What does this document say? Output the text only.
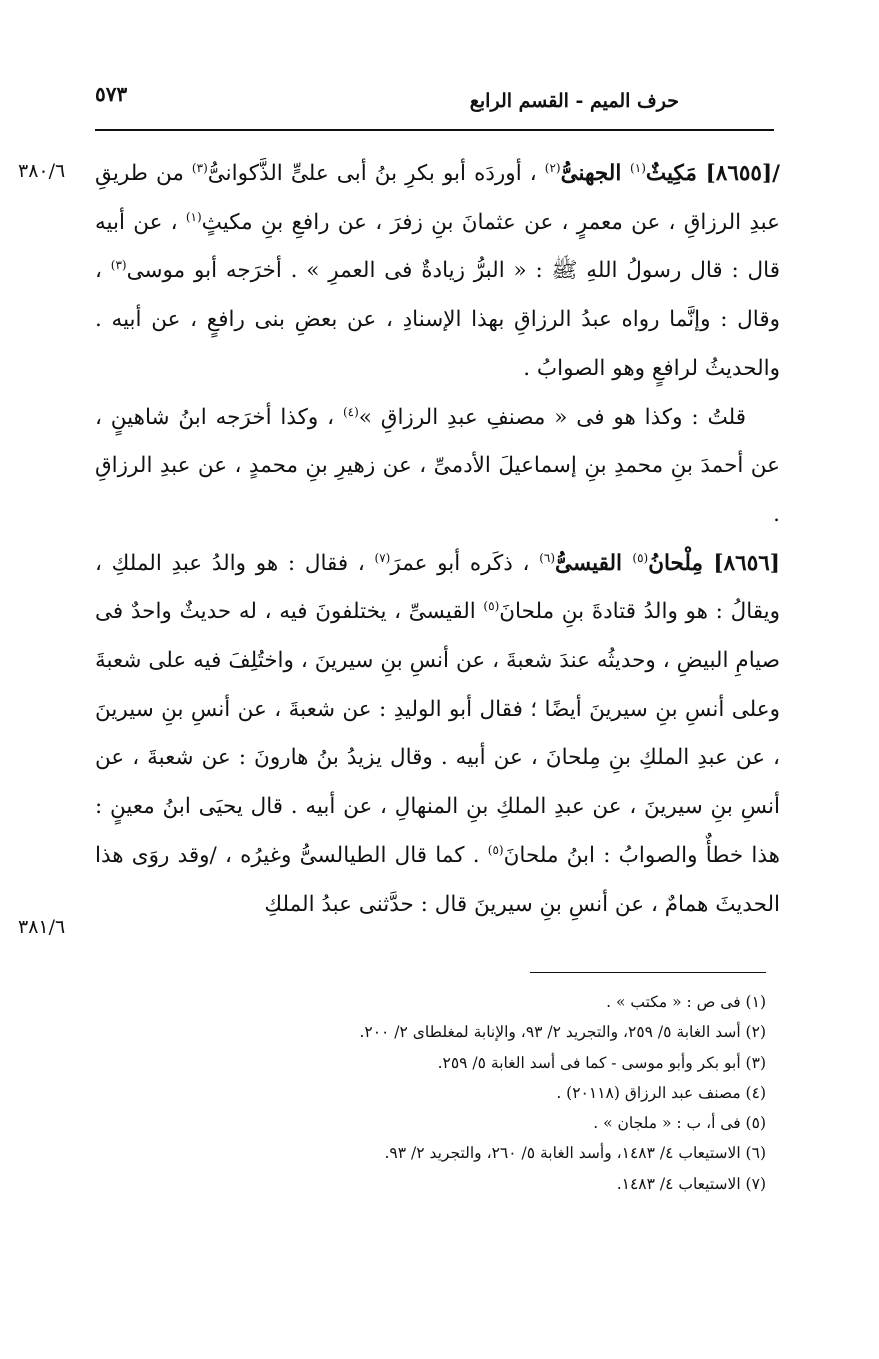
حرف الميم - القسم الرابع
٥٧٣
٣٨٠/٦
٣٨١/٦

/[٨٦٥٥] مَكِيثٌ$^{(١)}$ الجهنىُّ$^{(٢)}$ ، أوردَه أبو بكرِ بنُ أبى علىٍّ الذَّكوانىُّ$^{(٣)}$ من طريقِ عبدِ الرزاقِ ، عن معمرٍ ، عن عثمانَ بنِ زفرَ ، عن رافعِ بنِ مكيثٍ$^{(١)}$ ، عن أبيه قال : قال رسولُ اللهِ ﷺ : « البرُّ زيادةٌ فى العمرِ » . أخرَجه أبو موسى$^{(٣)}$ ، وقال : وإنَّما رواه عبدُ الرزاقِ بهذا الإسنادِ ، عن بعضِ بنى رافعٍ ، عن أبيه . والحديثُ لرافعٍ وهو الصوابُ .

قلتُ : وكذا هو فى « مصنفِ عبدِ الرزاقِ »$^{(٤)}$ ، وكذا أخرَجه ابنُ شاهينٍ ، عن أحمدَ بنِ محمدِ بنِ إسماعيلَ الأدمىِّ ، عن زهيرِ بنِ محمدٍ ، عن عبدِ الرزاقِ .

[٨٦٥٦] مِلْحانُ$^{(٥)}$ القيسىُّ$^{(٦)}$ ، ذكَره أبو عمرَ$^{(٧)}$ ، فقال : هو والدُ عبدِ الملكِ ، ويقالُ : هو والدُ قتادةَ بنِ ملحانَ$^{(٥)}$ القيسىِّ ، يختلفونَ فيه ، له حديثٌ واحدٌ فى صيامِ البيضِ ، وحديثُه عندَ شعبةَ ، عن أنسِ بنِ سيرينَ ، واختُلِفَ فيه على شعبةَ وعلى أنسِ بنِ سيرينَ أيضًا ؛ فقال أبو الوليدِ : عن شعبةَ ، عن أنسِ بنِ سيرينَ ، عن عبدِ الملكِ بنِ مِلحانَ ، عن أبيه . وقال يزيدُ بنُ هارونَ : عن شعبةَ ، عن أنسِ بنِ سيرينَ ، عن عبدِ الملكِ بنِ المنهالِ ، عن أبيه . قال يحيَى ابنُ معينٍ : هذا خطأٌ والصوابُ : ابنُ ملحانَ$^{(٥)}$ . كما قال الطيالسىُّ وغيرُه ، /وقد روَى هذا الحديثَ همامٌ ، عن أنسِ بنِ سيرينَ قال : حدَّثنى عبدُ الملكِ

(١) فى ص : « مكتب » .
(٢) أسد الغابة ٥/ ٢٥٩، والتجريد ٢/ ٩٣، والإنابة لمغلطاى ٢/ ٢٠٠.
(٣) أبو بكر وأبو موسى - كما فى أسد الغابة ٥/ ٢٥٩.
(٤) مصنف عبد الرزاق (٢٠١١٨) .
(٥) فى أ، ب : « ملجان » .
(٦) الاستيعاب ٤/ ١٤٨٣، وأسد الغابة ٥/ ٢٦٠، والتجريد ٢/ ٩٣.
(٧) الاستيعاب ٤/ ١٤٨٣.
